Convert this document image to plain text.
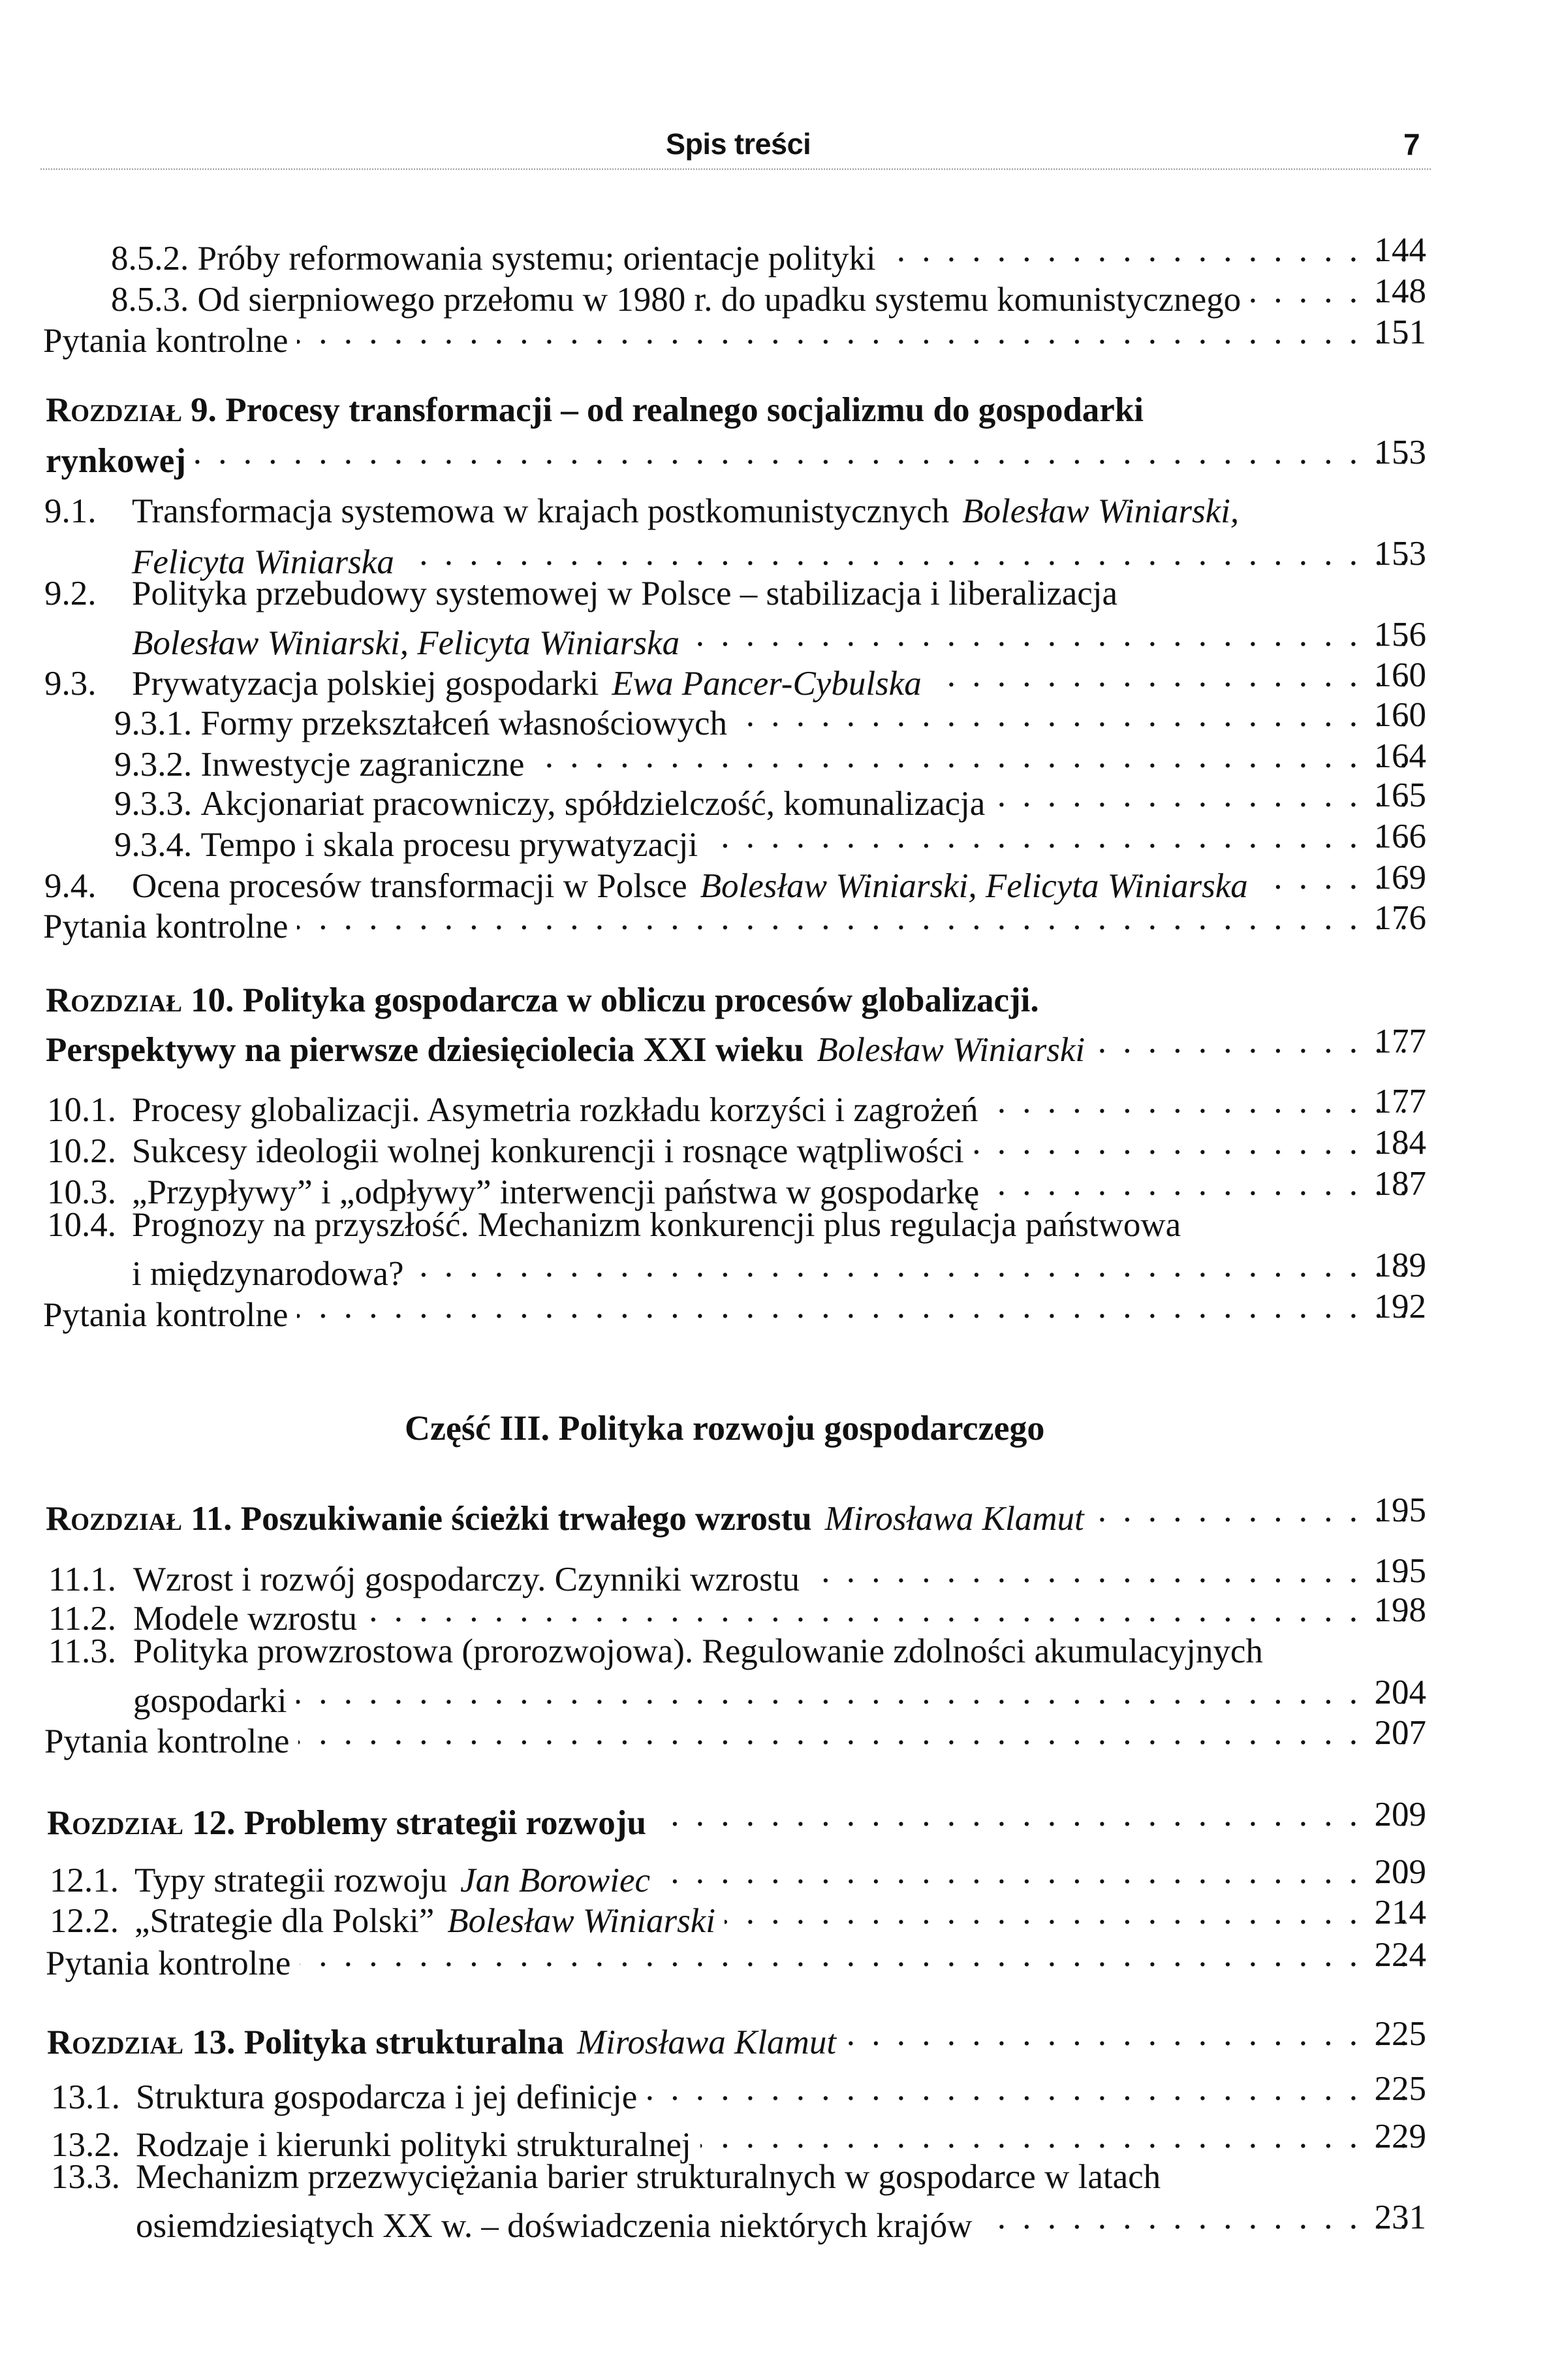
Spis treści	7
8.5.2.
Próby reformowania systemu; orientacje polityki . . .	144
8.5.3.
Od sierpniowego przełomu w 1980 r. do upadku systemu komunistycznego . . .	148
Pytania kontrolne . . .	151
Rozdział 9.
Procesy transformacji – od realnego socjalizmu do gospodarki
rynkowej . . .	153
9.1.	Transformacja systemowa w krajach postkomunistycznych Bolesław Winiarski,
Felicyta Winiarska . . .	153
9.2.	Polityka przebudowy systemowej w Polsce – stabilizacja i liberalizacja
Bolesław Winiarski, Felicyta Winiarska . . .	156
9.3.	Prywatyzacja polskiej gospodarki Ewa Pancer-Cybulska . . .	160
9.3.1.
Formy przekształceń własnościowych . . .	160
9.3.2.
Inwestycje zagraniczne . . .	164
9.3.3.
Akcjonariat pracowniczy, spółdzielczość, komunalizacja . . .	165
9.3.4.
Tempo i skala procesu prywatyzacji . . .	166
9.4.	Ocena procesów transformacji w Polsce Bolesław Winiarski, Felicyta Winiarska . . .	169
Pytania kontrolne . . .	176
Rozdział 10.
Polityka gospodarcza w obliczu procesów globalizacji.
Perspektywy na pierwsze dziesięciolecia XXI wieku Bolesław Winiarski . . .	177
10.1. Procesy globalizacji. Asymetria rozkładu korzyści i zagrożeń . . .	177
10.2. Sukcesy ideologii wolnej konkurencji i rosnące wątpliwości . . .	184
10.3. „Przypływy” i „odpływy” interwencji państwa w gospodarkę . . .	187
10.4. Prognozy na przyszłość. Mechanizm konkurencji plus regulacja państwowa
i międzynarodowa? . . .	189
Pytania kontrolne . . .	192
Część III. Polityka rozwoju gospodarczego
Rozdział 11.
Poszukiwanie ścieżki trwałego wzrostu Mirosława Klamut . . .	195
11.1. Wzrost i rozwój gospodarczy. Czynniki wzrostu . . .	195
11.2. Modele wzrostu . . .	198
11.3. Polityka prowzrostowa (prorozwojowa). Regulowanie zdolności akumulacyjnych
gospodarki . . .	204
Pytania kontrolne . . .	207
Rozdział 12.
Problemy strategii rozwoju . . .	209
12.1. Typy strategii rozwoju Jan Borowiec . . .	209
12.2. „Strategie dla Polski” Bolesław Winiarski . . .	214
Pytania kontrolne . . .	224
Rozdział 13.
Polityka strukturalna Mirosława Klamut . . .	225
13.1. Struktura gospodarcza i jej definicje . . .	225
13.2. Rodzaje i kierunki polityki strukturalnej . . .	229
13.3. Mechanizm przezwyciężania barier strukturalnych w gospodarce w latach
osiemdziesiątych XX w. – doświadczenia niektórych krajów . . .	231
